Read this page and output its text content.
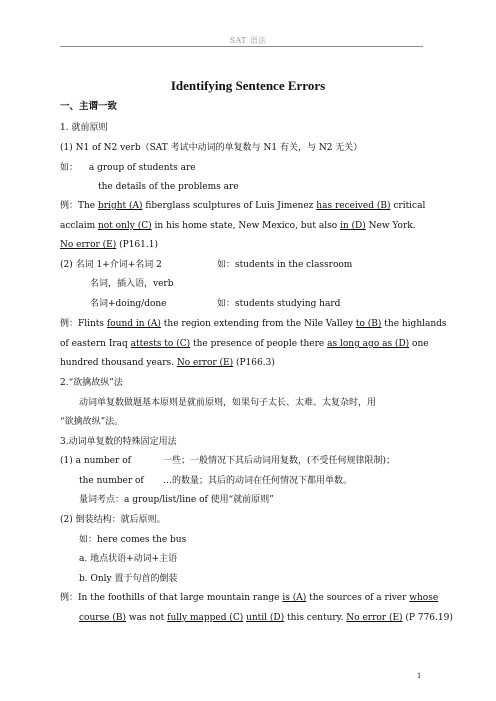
SAT 语法
Identifying Sentence Errors
一、主谓一致
1. 就前原则
(1) N1 of N2 verb（SAT 考试中动词的单复数与 N1 有关，与 N2 无关）
如： a group of students are
the details of the problems are
例：The bright (A) fiberglass sculptures of Luis Jimenez has received (B) critical
acclaim not only (C) in his home state, New Mexico, but also in (D) New York.
No error (E) (P161.1)
(2) 名词 1+介词+名词 2	如：students in the classroom
名词，插入语，verb
名词+doing/done	如：students studying hard
例：Flints found in (A) the region extending from the Nile Valley to (B) the highlands
of eastern Iraq attests to (C) the presence of people there as long ago as (D) one
hundred thousand years. No error (E) (P166.3)
2.“欲擒故纵”法
动词单复数做题基本原则是就前原则，如果句子太长、太难、太复杂时，用
“欲擒故纵”法。
3.动词单复数的特殊固定用法
(1) a number of	一些；一般情况下其后动词用复数，(不受任何规律限制)；
the number of …的数量；其后的动词在任何情况下都用单数。
量词考点：a group/list/line of 使用“就前原则”
(2) 倒装结构：就后原则。
如：here comes the bus
a. 地点状语+动词+主语
b. Only 置于句首的倒装
例：In the foothills of that large mountain range is (A) the sources of a river whose
course (B) was not fully mapped (C) until (D) this century. No error (E) (P 776.19)
1
